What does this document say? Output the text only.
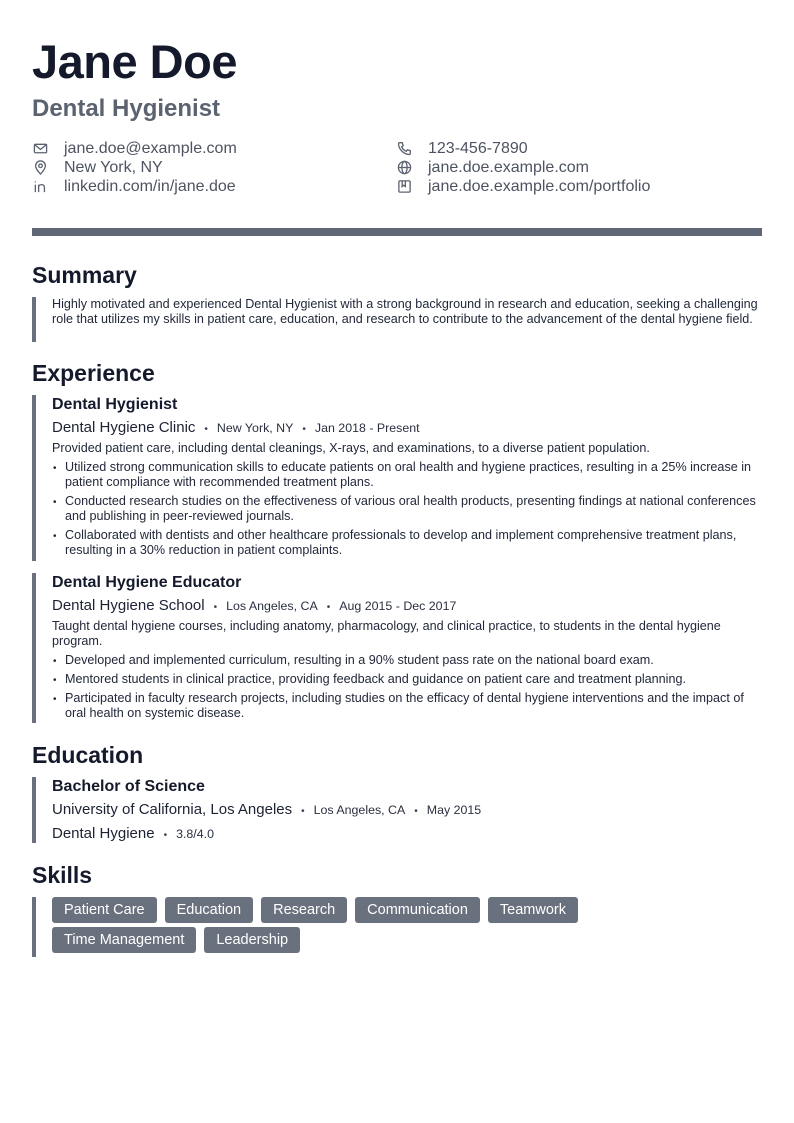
Jane Doe
Dental Hygienist
jane.doe@example.com	123-456-7890
New York, NY	jane.doe.example.com
linkedin.com/in/jane.doe	jane.doe.example.com/portfolio
Summary
Highly motivated and experienced Dental Hygienist with a strong background in research and education, seeking a challenging role that utilizes my skills in patient care, education, and research to contribute to the advancement of the dental hygiene field.
Experience
Dental Hygienist
Dental Hygiene Clinic • New York, NY • Jan 2018 - Present
Provided patient care, including dental cleanings, X-rays, and examinations, to a diverse patient population.
• Utilized strong communication skills to educate patients on oral health and hygiene practices, resulting in a 25% increase in patient compliance with recommended treatment plans.
• Conducted research studies on the effectiveness of various oral health products, presenting findings at national conferences and publishing in peer-reviewed journals.
• Collaborated with dentists and other healthcare professionals to develop and implement comprehensive treatment plans, resulting in a 30% reduction in patient complaints.
Dental Hygiene Educator
Dental Hygiene School • Los Angeles, CA • Aug 2015 - Dec 2017
Taught dental hygiene courses, including anatomy, pharmacology, and clinical practice, to students in the dental hygiene program.
• Developed and implemented curriculum, resulting in a 90% student pass rate on the national board exam.
• Mentored students in clinical practice, providing feedback and guidance on patient care and treatment planning.
• Participated in faculty research projects, including studies on the efficacy of dental hygiene interventions and the impact of oral health on systemic disease.
Education
Bachelor of Science
University of California, Los Angeles • Los Angeles, CA • May 2015
Dental Hygiene • 3.8/4.0
Skills
Patient Care	Education	Research	Communication	Teamwork
Time Management	Leadership
